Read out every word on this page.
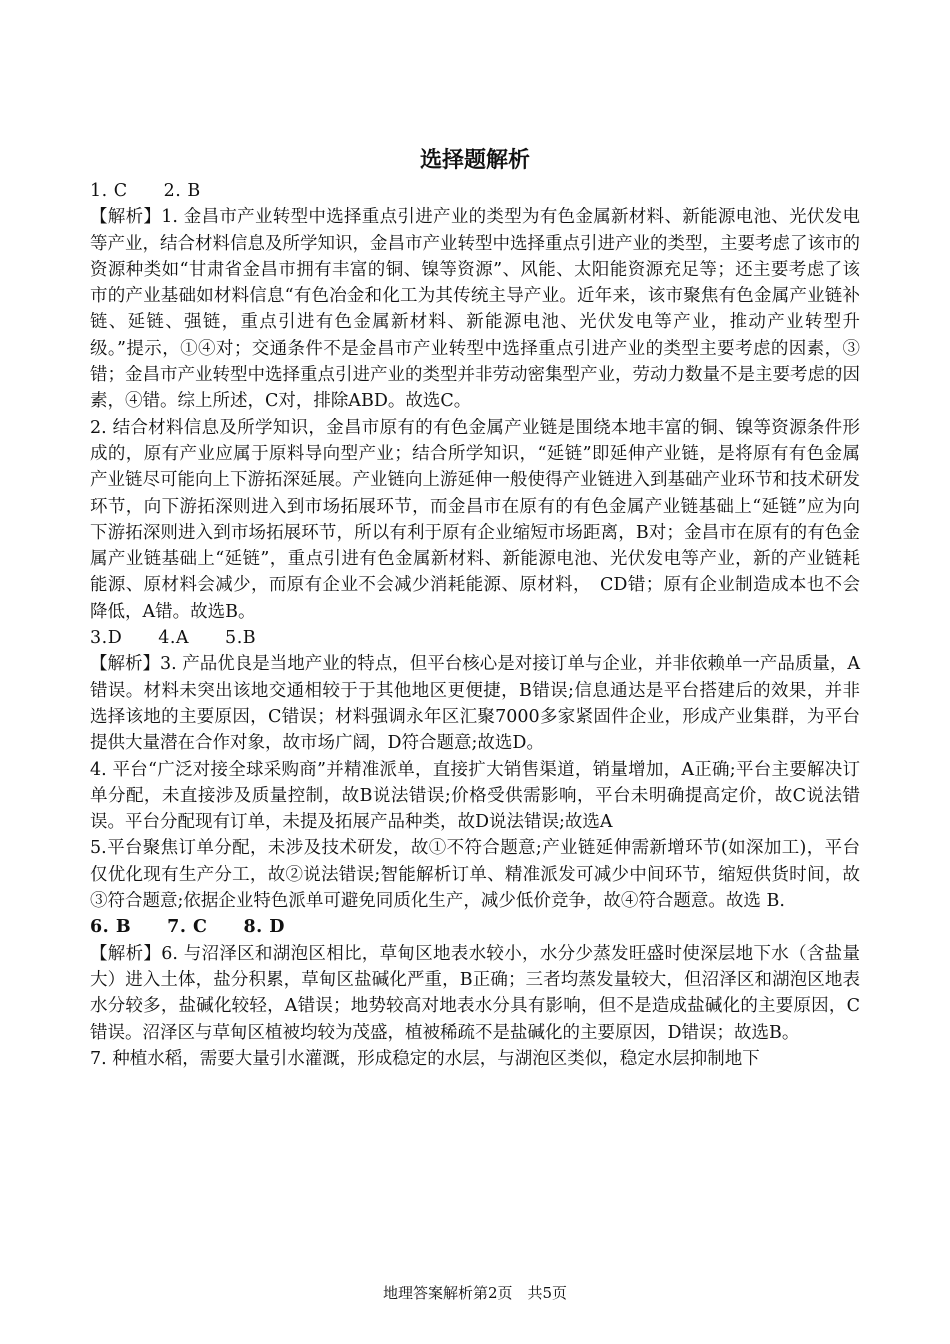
选择题解析

1. C　　2. B

【解析】1. 金昌市产业转型中选择重点引进产业的类型为有色金属新材料、新能源电池、光伏发电等产业，结合材料信息及所学知识，金昌市产业转型中选择重点引进产业的类型，主要考虑了该市的资源种类如“甘肃省金昌市拥有丰富的铜、镍等资源”、风能、太阳能资源充足等；还主要考虑了该市的产业基础如材料信息“有色冶金和化工为其传统主导产业。近年来，该市聚焦有色金属产业链补链、延链、强链，重点引进有色金属新材料、新能源电池、光伏发电等产业，推动产业转型升级。”提示，①④对；交通条件不是金昌市产业转型中选择重点引进产业的类型主要考虑的因素，③错；金昌市产业转型中选择重点引进产业的类型并非劳动密集型产业，劳动力数量不是主要考虑的因素，④错。综上所述，C对，排除ABD。故选C。

2. 结合材料信息及所学知识，金昌市原有的有色金属产业链是围绕本地丰富的铜、镍等资源条件形成的，原有产业应属于原料导向型产业；结合所学知识，“延链”即延伸产业链，是将原有有色金属产业链尽可能向上下游拓深延展。产业链向上游延伸一般使得产业链进入到基础产业环节和技术研发环节，向下游拓深则进入到市场拓展环节，而金昌市在原有的有色金属产业链基础上“延链”应为向下游拓深则进入到市场拓展环节，所以有利于原有企业缩短市场距离，B对；金昌市在原有的有色金属产业链基础上“延链”，重点引进有色金属新材料、新能源电池、光伏发电等产业，新的产业链耗能源、原材料会减少，而原有企业不会减少消耗能源、原材料，　CD错；原有企业制造成本也不会降低，A错。故选B。

3.D　　4.A　　5.B

【解析】3. 产品优良是当地产业的特点，但平台核心是对接订单与企业，并非依赖单一产品质量，A错误。材料未突出该地交通相较于于其他地区更便捷，B错误;信息通达是平台搭建后的效果，并非选择该地的主要原因，C错误；材料强调永年区汇聚7000多家紧固件企业，形成产业集群，为平台提供大量潜在合作对象，故市场广阔，D符合题意;故选D。

4. 平台“广泛对接全球采购商”并精准派单，直接扩大销售渠道，销量增加，A正确;平台主要解决订单分配，未直接涉及质量控制，故B说法错误;价格受供需影响，平台未明确提高定价，故C说法错误。平台分配现有订单，未提及拓展产品种类，故D说法错误;故选A

5.平台聚焦订单分配，未涉及技术研发，故①不符合题意;产业链延伸需新增环节(如深加工)，平台仅优化现有生产分工，故②说法错误;智能解析订单、精准派发可减少中间环节，缩短供货时间，故③符合题意;依据企业特色派单可避免同质化生产，减少低价竞争，故④符合题意。故选 B.

6. B　　7. C　　8. D

【解析】6. 与沼泽区和湖泡区相比，草甸区地表水较小，水分少蒸发旺盛时使深层地下水（含盐量大）进入土体，盐分积累，草甸区盐碱化严重，B正确；三者均蒸发量较大，但沼泽区和湖泡区地表水分较多，盐碱化较轻，A错误；地势较高对地表水分具有影响，但不是造成盐碱化的主要原因，C错误。沼泽区与草甸区植被均较为茂盛，植被稀疏不是盐碱化的主要原因，D错误；故选B。

7. 种植水稻，需要大量引水灌溉，形成稳定的水层，与湖泡区类似，稳定水层抑制地下

地理答案解析第2页　共5页
